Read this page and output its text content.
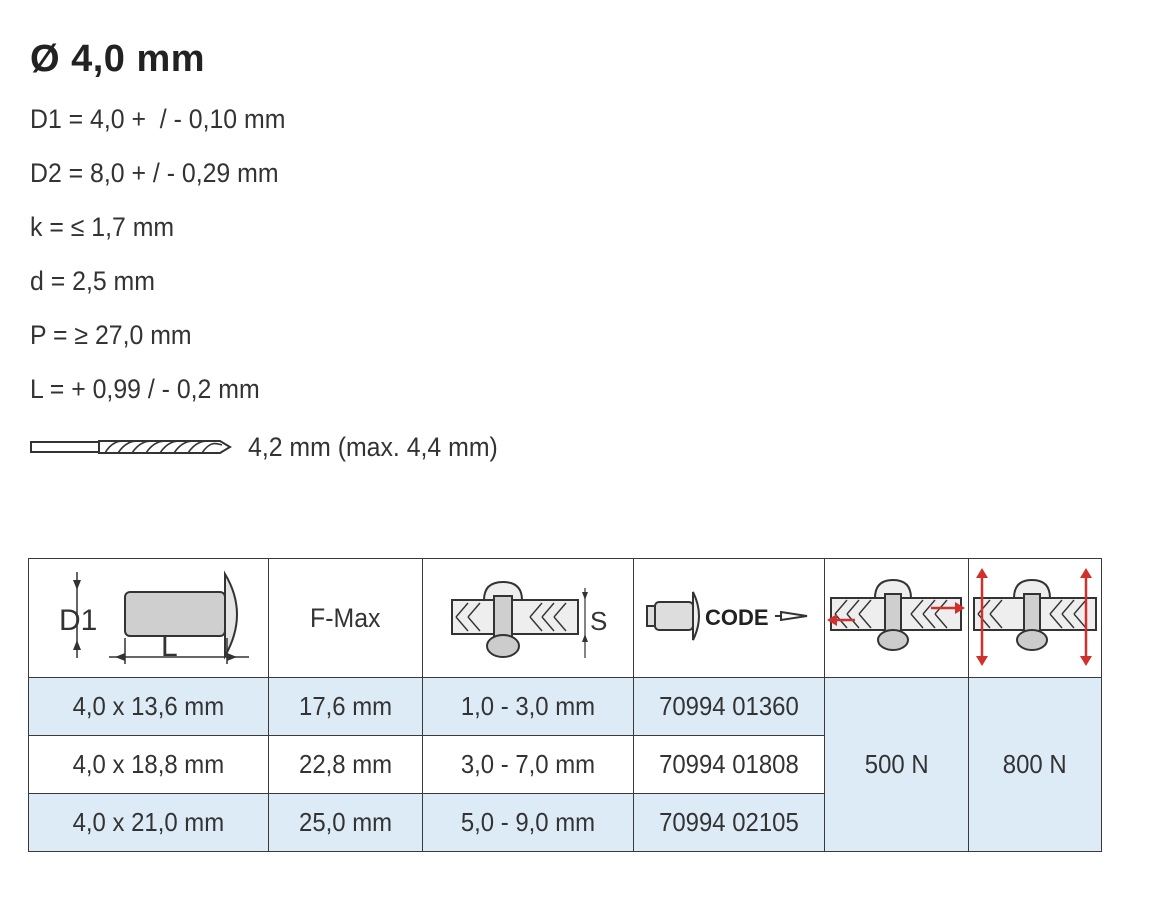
Ø 4,0 mm
D1 = 4,0 +  / - 0,10 mm
D2 = 8,0 + / - 0,29 mm
k = ≤ 1,7 mm
d = 2,5 mm
P = ≥ 27,0 mm
L = + 0,99 / - 0,2 mm
4,2 mm (max. 4,4 mm)
D1
L	F-Max	S	CODE

4,0 x 13,6 mm	17,6 mm	1,0 - 3,0 mm	70994 01360	500 N	800 N
4,0 x 18,8 mm	22,8 mm	3,0 - 7,0 mm	70994 01808		
4,0 x 21,0 mm	25,0 mm	5,0 - 9,0 mm	70994 02105		
